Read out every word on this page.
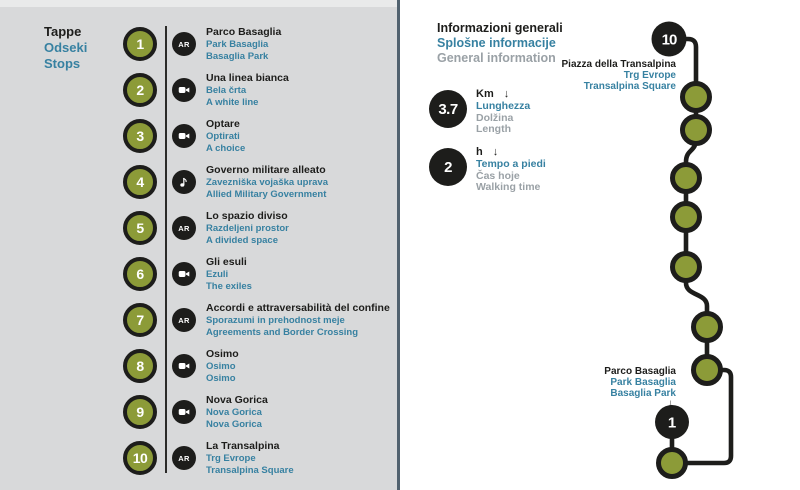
Tappe
Odseki
Stops
1	AR
Parco Basaglia
Park Basaglia
Basaglia Park
2
Una linea bianca
Bela črta
A white line
3
Optare
Optirati
A choice
4
Governo militare alleato
Zavezniška vojaška uprava
Allied Military Government
5	AR
Lo spazio diviso
Razdeljeni prostor
A divided space
6
Gli esuli
Ezuli
The exiles
7	AR
Accordi e attraversabilità del confine
Sporazumi in prehodnost meje
Agreements and Border Crossing
8
Osimo
Osimo
Osimo
9
Nova Gorica
Nova Gorica
Nova Gorica
10	AR
La Transalpina
Trg Evrope
Transalpina Square
Informazioni generali
Splošne informacije
General information
3.7
Km ↓
Lunghezza
Dolžina
Length
2
h ↓
Tempo a piedi
Čas hoje
Walking time
10
1
↑
Piazza della Transalpina
Trg Evrope
Transalpina Square
Parco Basaglia
Park Basaglia
Basaglia Park
↓
